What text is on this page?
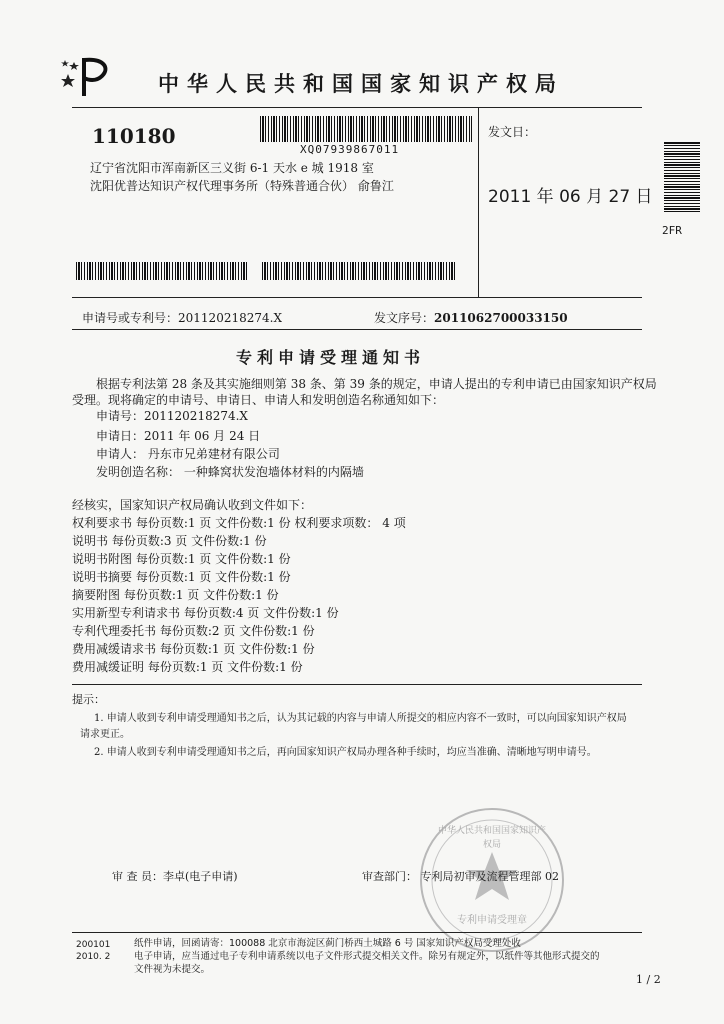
中华人民共和国国家知识产权局
110180
XQ07939867011
辽宁省沈阳市浑南新区三义街 6-1 天水 e 城 1918 室
沈阳优普达知识产权代理事务所（特殊普通合伙） 俞鲁江
发文日：
2011 年 06 月 27 日
2FR
申请号或专利号：201120218274.X	发文序号：2011062700033150
专利申请受理通知书
根据专利法第 28 条及其实施细则第 38 条、第 39 条的规定，申请人提出的专利申请已由国家知识产权局
受理。现将确定的申请号、申请日、申请人和发明创造名称通知如下：
申请号：201120218274.X
申请日：2011 年 06 月 24 日
申请人： 丹东市兄弟建材有限公司
发明创造名称： 一种蜂窝状发泡墙体材料的内隔墙
经核实，国家知识产权局确认收到文件如下：
权利要求书 每份页数:1 页 文件份数:1 份 权利要求项数： 4 项
说明书 每份页数:3 页 文件份数:1 份
说明书附图 每份页数:1 页 文件份数:1 份
说明书摘要 每份页数:1 页 文件份数:1 份
摘要附图 每份页数:1 页 文件份数:1 份
实用新型专利请求书 每份页数:4 页 文件份数:1 份
专利代理委托书 每份页数:2 页 文件份数:1 份
费用减缓请求书 每份页数:1 页 文件份数:1 份
费用减缓证明 每份页数:1 页 文件份数:1 份
提示：
1. 申请人收到专利申请受理通知书之后，认为其记载的内容与申请人所提交的相应内容不一致时，可以向国家知识产权局
请求更正。
2. 申请人收到专利申请受理通知书之后，再向国家知识产权局办理各种手续时，均应当准确、清晰地写明申请号。
中华人民共和国国家知识产权局
专利申请受理章
审 查 员：李卓(电子申请)	审查部门： 专利局初审及流程管理部 02
200101
2010. 2
纸件申请，回函请寄：100088 北京市海淀区蓟门桥西土城路 6 号 国家知识产权局受理处收
电子申请，应当通过电子专利申请系统以电子文件形式提交相关文件。除另有规定外，以纸件等其他形式提交的
文件视为未提交。
1 / 2
